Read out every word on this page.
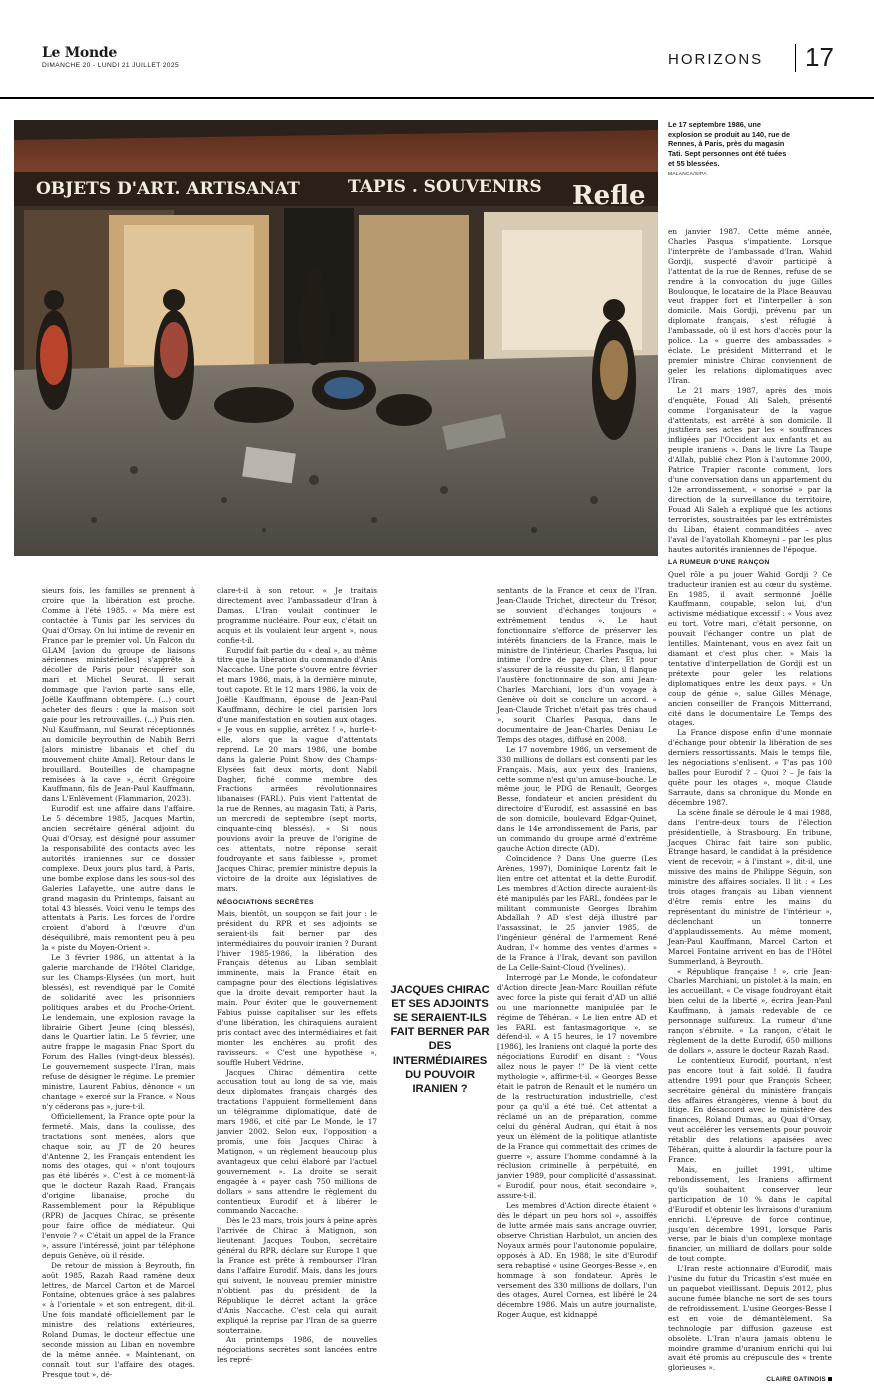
Le Monde
DIMANCHE 20 - LUNDI 21 JUILLET 2025	HORIZONS 17
OBJETS D'ART. ARTISANAT	TAPIS . SOUVENIRS Refle
Le 17 septembre 1986, une explosion se produit au 140, rue de Rennes, à Paris, près du magasin Tati. Sept personnes ont été tuées et 55 blessées.
MALANCA/SIPA

sieurs fois, les familles se prennent à croire que la libération est proche. Comme à l'été 1985. « Ma mère est contactée à Tunis par les services du Quai d'Orsay. On lui intime de revenir en France par le premier vol. Un Falcon du GLAM [avion du groupe de liaisons aériennes ministérielles] s'apprête à décoller de Paris pour récupérer son mari et Michel Seurat. Il serait dommage que l'avion parte sans elle, Joëlle Kauffmann obtempère. (...) court acheter des fleurs : que la maison soit gaie pour les retrouvailles. (...) Puis rien. Nul Kauffmann, nul Seurat réceptionnés au domicile beyrouthin de Nabih Berri [alors ministre libanais et chef du mouvement chiite Amal]. Retour dans le brouillard. Bouteilles de champagne remisées à la cave », écrit Grégoire Kauffmann, fils de Jean-Paul Kauffmann, dans L'Enlèvement (Flammarion, 2023).

Eurodif est une affaire dans l'affaire. Le 5 décembre 1985, Jacques Martin, ancien secrétaire général adjoint du Quai d'Orsay, est désigné pour assumer la responsabilité des contacts avec les autorités iraniennes sur ce dossier complexe. Deux jours plus tard, à Paris, une bombe explose dans les sous-sol des Galeries Lafayette, une autre dans le grand magasin du Printemps, faisant au total 43 blessés. Voici venu le temps des attentats à Paris. Les forces de l'ordre croient d'abord à l'œuvre d'un déséquilibré, mais remontent peu à peu la « piste du Moyen-Orient ».

Le 3 février 1986, un attentat à la galerie marchande de l'Hôtel Claridge, sur les Champs-Elysées (un mort, huit blessés), est revendiqué par le Comité de solidarité avec les prisonniers politiques arabes et du Proche-Orient. Le lendemain, une explosion ravage la librairie Gibert Jeune (cinq blessés), dans le Quartier latin. Le 5 février, une autre frappe le magasin Fnac Sport du Forum des Halles (vingt-deux blessés). Le gouvernement suspecte l'Iran, mais refuse de désigner le régime. Le premier ministre, Laurent Fabius, dénonce « un chantage » exercé sur la France. « Nous n'y céderons pas », jure-t-il.

Officiellement, la France opte pour la fermeté. Mais, dans la coulisse, des tractations sont menées, alors que chaque soir, au JT de 20 heures d'Antenne 2, les Français entendent les noms des otages, qui « n'ont toujours pas été libérés ». C'est à ce moment-là que le docteur Razah Raad, Français d'origine libanaise, proche du Rassemblement pour la République (RPR) de Jacques Chirac, se présente pour faire office de médiateur. Qui l'envoie ? « C'était un appel de la France », assure l'intéressé, joint par téléphone depuis Genève, où il réside.

De retour de mission à Beyrouth, fin août 1985, Razah Raad ramène deux lettres, de Marcel Carton et de Marcel Fontaine, obtenues grâce à ses palabres « à l'orientale » et son entregent, dit-il. Une fois mandaté officiellement par le ministre des relations extérieures, Roland Dumas, le docteur effectue une seconde mission au Liban en novembre de la même année. « Maintenant, on connaît tout sur l'affaire des otages. Presque tout », dé-

clare-t-il à son retour. « Je traitais directement avec l'ambassadeur d'Iran à Damas. L'Iran voulait continuer le programme nucléaire. Pour eux, c'était un acquis et ils voulaient leur argent », nous confie-t-il.

Eurodif fait partie du « deal », au même titre que la libération du commando d'Anis Naccache. Une porte s'ouvre entre février et mars 1986, mais, à la dernière minute, tout capote. Et le 12 mars 1986, la voix de Joëlle Kauffmann, épouse de Jean-Paul Kauffmann, déchire le ciel parisien lors d'une manifestation en soutien aux otages. « Je vous en supplie, arrêtez ! », hurle-t-elle, alors que la vague d'attentats reprend. Le 20 mars 1986, une bombe dans la galerie Point Show des Champs-Elysées fait deux morts, dont Nabil Dagher, fiché comme membre des Fractions armées révolutionnaires libanaises (FARL). Puis vient l'attentat de la rue de Rennes, au magasin Tati, à Paris, un mercredi de septembre (sept morts, cinquante-cinq blessés). « Si nous pouvions avoir la preuve de l'origine de ces attentats, notre réponse serait foudroyante et sans faiblesse », promet Jacques Chirac, premier ministre depuis la victoire de la droite aux législatives de mars.

NÉGOCIATIONS SECRÈTES

Mais, bientôt, un soupçon se fait jour : le président du RPR et ses adjoints se seraient-ils fait berner par des intermédiaires du pouvoir iranien ? Durant l'hiver 1985-1986, la libération des Français détenus au Liban semblait imminente, mais la France était en campagne pour des élections législatives que la droite devait remporter haut la main. Pour éviter que le gouvernement Fabius puisse capitaliser sur les effets d'une libération, les chiraquiens auraient pris contact avec des intermédiaires et fait monter les enchères au profit des ravisseurs. « C'est une hypothèse », souffle Hubert Védrine.

Jacques Chirac démentira cette accusation tout au long de sa vie, mais deux diplomates français chargés des tractations l'appuient formellement dans un télégramme diplomatique, daté de mars 1986, et cité par Le Monde, le 17 janvier 2002. Selon eux, l'opposition a promis, une fois Jacques Chirac à Matignon, « un règlement beaucoup plus avantageux que celui élaboré par l'actuel gouvernement ». La droite se serait engagée à « payer cash 750 millions de dollars » sans attendre le règlement du contentieux Eurodif et à libérer le commando Naccache.

Dès le 23 mars, trois jours à peine après l'arrivée de Chirac à Matignon, son lieutenant Jacques Toubon, secrétaire général du RPR, déclare sur Europe 1 que la France est prête à rembourser l'Iran dans l'affaire Eurodif. Mais, dans les jours qui suivent, le nouveau premier ministre n'obtient pas du président de la République le décret actant la grâce d'Anis Naccache. C'est cela qui aurait expliqué la reprise par l'Iran de sa guerre souterraine.

Au printemps 1986, de nouvelles négociations secrètes sont lancées entre les repré-

JACQUES CHIRAC ET SES ADJOINTS SE SERAIENT-ILS FAIT BERNER PAR DES INTERMÉDIAIRES DU POUVOIR IRANIEN ?

sentants de la France et ceux de l'Iran. Jean-Claude Trichet, directeur du Trésor, se souvient d'échanges toujours « extrêmement tendus ». Le haut fonctionnaire s'efforce de préserver les intérêts financiers de la France, mais le ministre de l'intérieur, Charles Pasqua, lui intime l'ordre de payer. Cher. Et pour s'assurer de la réussite du plan, il flanque l'austère fonctionnaire de son ami Jean-Charles Marchiani, lors d'un voyage à Genève où doit se conclure un accord. « Jean-Claude Trichet n'était pas très chaud », sourit Charles Pasqua, dans le documentaire de Jean-Charles Deniau Le Temps des otages, diffusé en 2008.

Le 17 novembre 1986, un versement de 330 millions de dollars est consenti par les Français. Mais, aux yeux des Iraniens, cette somme n'est qu'un amuse-bouche. Le même jour, le PDG de Renault, Georges Besse, fondateur et ancien président du directoire d'Eurodif, est assassiné en bas de son domicile, boulevard Edgar-Quinet, dans le 14e arrondissement de Paris, par un commando du groupe armé d'extrême gauche Action directe (AD).

Coïncidence ? Dans Une guerre (Les Arènes, 1997), Dominique Lorentz fait le lien entre cet attentat et la dette Eurodif. Les membres d'Action directe auraient-ils été manipulés par les FARL, fondées par le militant communiste Georges Ibrahim Abdallah ? AD s'est déjà illustré par l'assassinat, le 25 janvier 1985, de l'ingénieur général de l'armement René Audran, l'« homme des ventes d'armes » de la France à l'Irak, devant son pavillon de La Celle-Saint-Cloud (Yvelines).

Interrogé par Le Monde, le cofondateur d'Action directe Jean-Marc Rouillan réfute avec force la piste qui ferait d'AD un allié ou une marionnette manipulée par le régime de Téhéran. « Le lien entre AD et les FARL est fantasmagorique », se défend-il. « A 15 heures, le 17 novembre [1986], les Iraniens ont claqué la porte des négociations Eurodif en disant : "Vous allez nous le payer !" De là vient cette mythologie », affirme-t-il. « Georges Besse était le patron de Renault et le numéro un de la restructuration industrielle, c'est pour ça qu'il a été tué. Cet attentat a réclamé un an de préparation, comme celui du général Audran, qui était à nos yeux un élément de la politique atlantiste de la France qui commettait des crimes de guerre », assure l'homme condamné à la réclusion criminelle à perpétuité, en janvier 1989, pour complicité d'assassinat. « Eurodif, pour nous, était secondaire », assure-t-il.

Les membres d'Action directe étaient « dès le départ un peu hors sol », assoiffés de lutte armée mais sans ancrage ouvrier, observe Christian Harbulot, un ancien des Noyaux armés pour l'autonomie populaire, opposés à AD. En 1988, le site d'Eurodif sera rebaptisé « usine Georges-Besse », en hommage à son fondateur. Après le versement des 330 millions de dollars, l'un des otages, Aurel Cornea, est libéré le 24 décembre 1986. Mais un autre journaliste, Roger Auque, est kidnappé

en janvier 1987. Cette même année, Charles Pasqua s'impatiente. Lorsque l'interprète de l'ambassade d'Iran, Wahid Gordji, suspecté d'avoir participé à l'attentat de la rue de Rennes, refuse de se rendre à la convocation du juge Gilles Boulouque, le locataire de la Place Beauvau veut frapper fort et l'interpeller à son domicile. Mais Gordji, prévenu par un diplomate français, s'est réfugié à l'ambassade, où il est hors d'accès pour la police. La « guerre des ambassades » éclate. Le président Mitterrand et le premier ministre Chirac conviennent de geler les relations diplomatiques avec l'Iran.

Le 21 mars 1987, après des mois d'enquête, Fouad Ali Saleh, présenté comme l'organisateur de la vague d'attentats, est arrêté à son domicile. Il justifiera ses actes par les « souffrances infligées par l'Occident aux enfants et au peuple iraniens ». Dans le livre La Taupe d'Allah, publié chez Plon à l'automne 2000, Patrice Trapier raconte comment, lors d'une conversation dans un appartement du 12e arrondissement, « sonorisé » par la direction de la surveillance du territoire, Fouad Ali Saleh a expliqué que les actions terroristes, soustraitées par les extrémistes du Liban, étaient commanditées – avec l'aval de l'ayatollah Khomeyni – par les plus hautes autorités iraniennes de l'époque.

LA RUMEUR D'UNE RANÇON

Quel rôle a pu jouer Wahid Gordji ? Ce traducteur iranien est au cœur du système. En 1985, il avait sermonné Joëlle Kauffmann, coupable, selon lui, d'un activisme médiatique excessif : « Vous avez eu tort. Votre mari, c'était personne, on pouvait l'échanger contre un plat de lentilles. Maintenant, vous en avez fait un diamant et c'est plus cher. » Mais la tentative d'interpellation de Gordji est un prétexte pour geler les relations diplomatiques entre les deux pays. « Un coup de génie », salue Gilles Ménage, ancien conseiller de François Mitterrand, cité dans le documentaire Le Temps des otages.

La France dispose enfin d'une monnaie d'échange pour obtenir la libération de ses derniers ressortissants. Mais le temps file, les négociations s'enlisent. « T'as pas 100 balles pour Eurodif ? – Quoi ? – Je fais la quête pour les otages », moque Claude Sarraute, dans sa chronique du Monde en décembre 1987.

La scène finale se déroule le 4 mai 1988, dans l'entre-deux tours de l'élection présidentielle, à Strasbourg. En tribune, Jacques Chirac fait taire son public. Etrange hasard, le candidat à la présidence vient de recevoir, « à l'instant », dit-il, une missive des mains de Philippe Séguin, son ministre des affaires sociales. Il lit : « Les trois otages français au Liban viennent d'être remis entre les mains du représentant du ministre de l'intérieur », déclenchant un tonnerre d'applaudissements. Au même moment, Jean-Paul Kauffmann, Marcel Carton et Marcel Fontaine arrivent en bas de l'Hôtel Summerland, à Beyrouth.

« République française ! », crie Jean-Charles Marchiani, un pistolet à la main, en les accueillant. « Ce visage foudroyant était bien celui de la liberté », écrira Jean-Paul Kauffmann, à jamais redevable de ce personnage sulfureux. La rumeur d'une rançon s'ébruite. « La rançon, c'était le règlement de la dette Eurodif, 650 millions de dollars », assure le docteur Razah Raad.

Le contentieux Eurodif, pourtant, n'est pas encore tout à fait soldé. Il faudra attendre 1991 pour que François Scheer, secrétaire général du ministère français des affaires étrangères, vienne à bout du litige. En désaccord avec le ministère des finances, Roland Dumas, au Quai d'Orsay, veut accélérer les versements pour pouvoir rétablir des relations apaisées avec Téhéran, quitte à alourdir la facture pour la France.

Mais, en juillet 1991, ultime rebondissement, les Iraniens affirment qu'ils souhaitent conserver leur participation de 10 % dans le capital d'Eurodif et obtenir les livraisons d'uranium enrichi. L'épreuve de force continue, jusqu'en décembre 1991, lorsque Paris verse, par le biais d'un complexe montage financier, un milliard de dollars pour solde de tout compte.

L'Iran reste actionnaire d'Eurodif, mais l'usine du futur du Tricastin s'est muée en un paquebot vieillissant. Depuis 2012, plus aucune fumée blanche ne sort de ses tours de refroidissement. L'usine Georges-Besse I est en voie de démantèlement. Sa technologie par diffusion gazeuse est obsolète. L'Iran n'aura jamais obtenu le moindre gramme d'uranium enrichi qui lui avait été promis au crépuscule des « trente glorieuses ».

CLAIRE GATINOIS
